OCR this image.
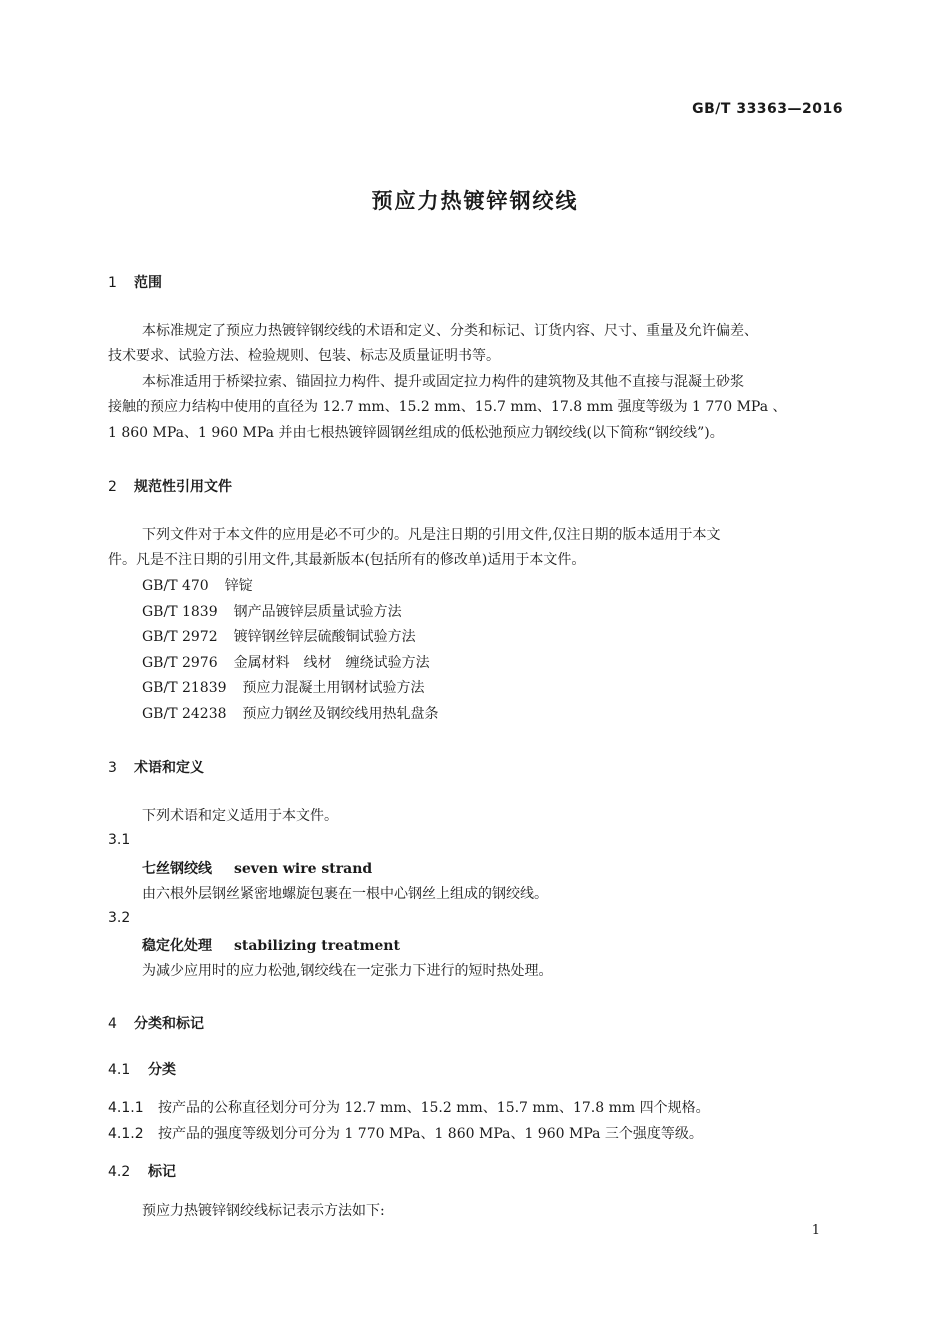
GB/T 33363—2016
预应力热镀锌钢绞线
1 范围
本标准规定了预应力热镀锌钢绞线的术语和定义、分类和标记、订货内容、尺寸、重量及允许偏差、
技术要求、试验方法、检验规则、包装、标志及质量证明书等。
本标准适用于桥梁拉索、锚固拉力构件、提升或固定拉力构件的建筑物及其他不直接与混凝土砂浆
接触的预应力结构中使用的直径为 12.7 mm、15.2 mm、15.7 mm、17.8 mm 强度等级为 1 770 MPa 、
1 860 MPa、1 960 MPa 并由七根热镀锌圆钢丝组成的低松弛预应力钢绞线(以下简称“钢绞线”)。
2 规范性引用文件
下列文件对于本文件的应用是必不可少的。凡是注日期的引用文件,仅注日期的版本适用于本文
件。凡是不注日期的引用文件,其最新版本(包括所有的修改单)适用于本文件。
GB/T 470 锌锭
GB/T 1839 钢产品镀锌层质量试验方法
GB/T 2972 镀锌钢丝锌层硫酸铜试验方法
GB/T 2976 金属材料　线材　缠绕试验方法
GB/T 21839 预应力混凝土用钢材试验方法
GB/T 24238 预应力钢丝及钢绞线用热轧盘条
3 术语和定义
下列术语和定义适用于本文件。
3.1
七丝钢绞线 seven wire strand
由六根外层钢丝紧密地螺旋包裹在一根中心钢丝上组成的钢绞线。
3.2
稳定化处理 stabilizing treatment
为减少应用时的应力松弛,钢绞线在一定张力下进行的短时热处理。
4 分类和标记
4.1 分类
4.1.1 按产品的公称直径划分可分为 12.7 mm、15.2 mm、15.7 mm、17.8 mm 四个规格。
4.1.2 按产品的强度等级划分可分为 1 770 MPa、1 860 MPa、1 960 MPa 三个强度等级。
4.2 标记
预应力热镀锌钢绞线标记表示方法如下:
1
